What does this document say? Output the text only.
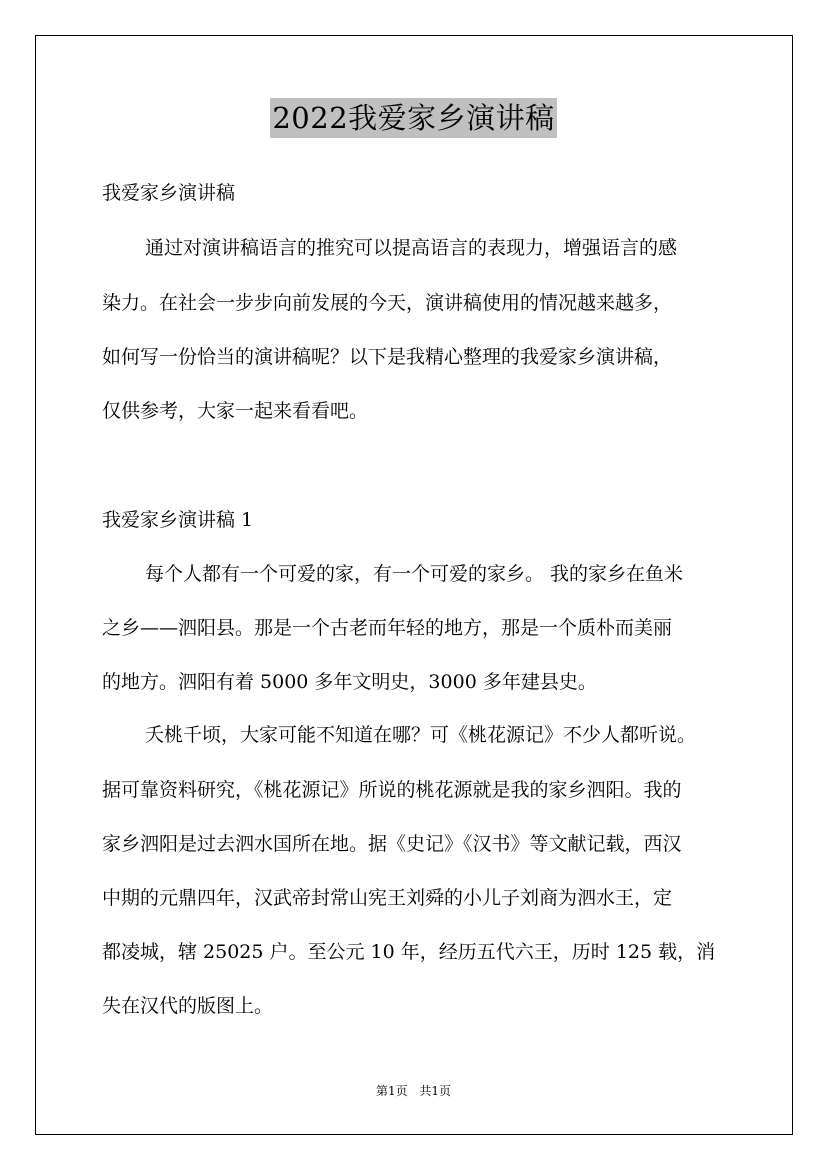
2022我爱家乡演讲稿
我爱家乡演讲稿
通过对演讲稿语言的推究可以提高语言的表现力，增强语言的感
染力。在社会一步步向前发展的今天，演讲稿使用的情况越来越多，
如何写一份恰当的演讲稿呢？以下是我精心整理的我爱家乡演讲稿，
仅供参考，大家一起来看看吧。
我爱家乡演讲稿 1
每个人都有一个可爱的家，有一个可爱的家乡。 我的家乡在鱼米
之乡——泗阳县。那是一个古老而年轻的地方，那是一个质朴而美丽
的地方。泗阳有着 5000 多年文明史，3000 多年建县史。
夭桃千顷，大家可能不知道在哪？可《桃花源记》不少人都听说。
据可靠资料研究，《桃花源记》所说的桃花源就是我的家乡泗阳。我的
家乡泗阳是过去泗水国所在地。据《史记》《汉书》等文献记载，西汉
中期的元鼎四年，汉武帝封常山宪王刘舜的小儿子刘商为泗水王，定
都凌城，辖 25025 户。至公元 10 年，经历五代六王，历时 125 载，消
失在汉代的版图上。
第1页 共1页
